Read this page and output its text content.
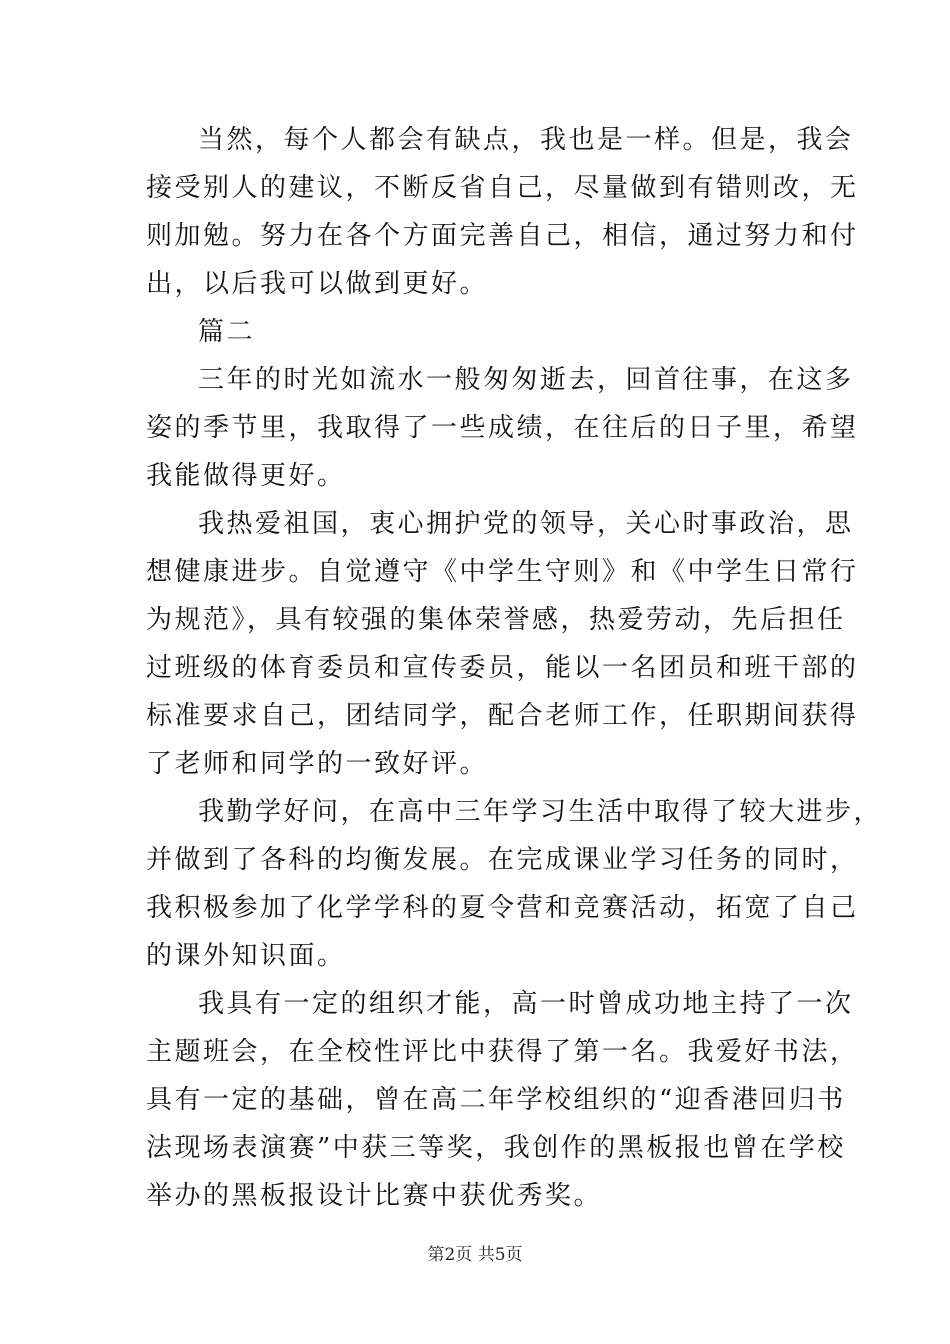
当然，每个人都会有缺点，我也是一样。但是，我会
接受别人的建议，不断反省自己，尽量做到有错则改，无
则加勉。努力在各个方面完善自己，相信，通过努力和付
出，以后我可以做到更好。

篇二

三年的时光如流水一般匆匆逝去，回首往事，在这多
姿的季节里，我取得了一些成绩，在往后的日子里，希望
我能做得更好。

我热爱祖国，衷心拥护党的领导，关心时事政治，思
想健康进步。自觉遵守《中学生守则》和《中学生日常行
为规范》，具有较强的集体荣誉感，热爱劳动，先后担任
过班级的体育委员和宣传委员，能以一名团员和班干部的
标准要求自己，团结同学，配合老师工作，任职期间获得
了老师和同学的一致好评。

我勤学好问，在高中三年学习生活中取得了较大进步，
并做到了各科的均衡发展。在完成课业学习任务的同时，
我积极参加了化学学科的夏令营和竞赛活动，拓宽了自己
的课外知识面。

我具有一定的组织才能，高一时曾成功地主持了一次
主题班会，在全校性评比中获得了第一名。我爱好书法，
具有一定的基础，曾在高二年学校组织的“迎香港回归书
法现场表演赛”中获三等奖，我创作的黑板报也曾在学校
举办的黑板报设计比赛中获优秀奖。

第2页 共5页
